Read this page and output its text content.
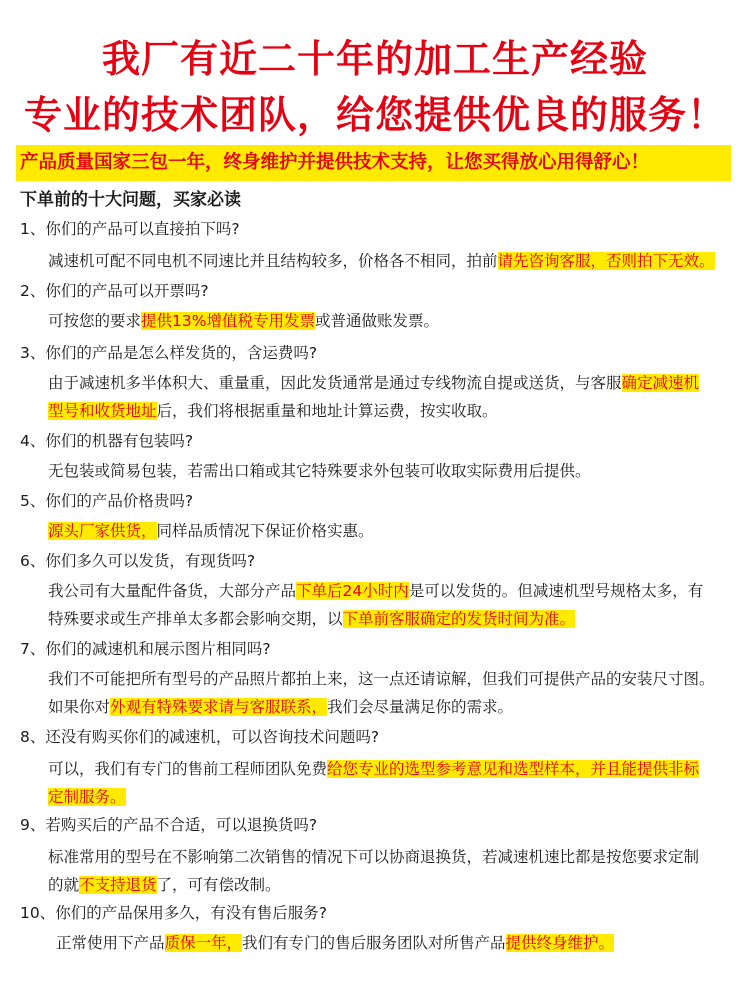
我厂有近二十年的加工生产经验
专业的技术团队，给您提供优良的服务！
产品质量国家三包一年，终身维护并提供技术支持，让您买得放心用得舒心！
下单前的十大问题，买家必读
1、你们的产品可以直接拍下吗?
减速机可配不同电机不同速比并且结构较多，价格各不相同，拍前请先咨询客服，否则拍下无效。
2、你们的产品可以开票吗?
可按您的要求提供13%增值税专用发票或普通做账发票。
3、你们的产品是怎么样发货的，含运费吗?
由于减速机多半体积大、重量重，因此发货通常是通过专线物流自提或送货，与客服确定减速机
型号和收货地址后，我们将根据重量和地址计算运费，按实收取。
4、你们的机器有包装吗?
无包装或简易包装，若需出口箱或其它特殊要求外包装可收取实际费用后提供。
5、你们的产品价格贵吗?
源头厂家供货，同样品质情况下保证价格实惠。
6、你们多久可以发货，有现货吗?
我公司有大量配件备货，大部分产品下单后24小时内是可以发货的。但减速机型号规格太多，有
特殊要求或生产排单太多都会影响交期，以下单前客服确定的发货时间为准。
7、你们的减速机和展示图片相同吗?
我们不可能把所有型号的产品照片都拍上来，这一点还请谅解，但我们可提供产品的安装尺寸图。
如果你对外观有特殊要求请与客服联系，我们会尽量满足你的需求。
8、还没有购买你们的减速机，可以咨询技术问题吗?
可以，我们有专门的售前工程师团队免费给您专业的选型参考意见和选型样本，并且能提供非标
定制服务。
9、若购买后的产品不合适，可以退换货吗?
标准常用的型号在不影响第二次销售的情况下可以协商退换货，若减速机速比都是按您要求定制
的就不支持退货了，可有偿改制。
10、你们的产品保用多久，有没有售后服务?
正常使用下产品质保一年，我们有专门的售后服务团队对所售产品提供终身维护。
